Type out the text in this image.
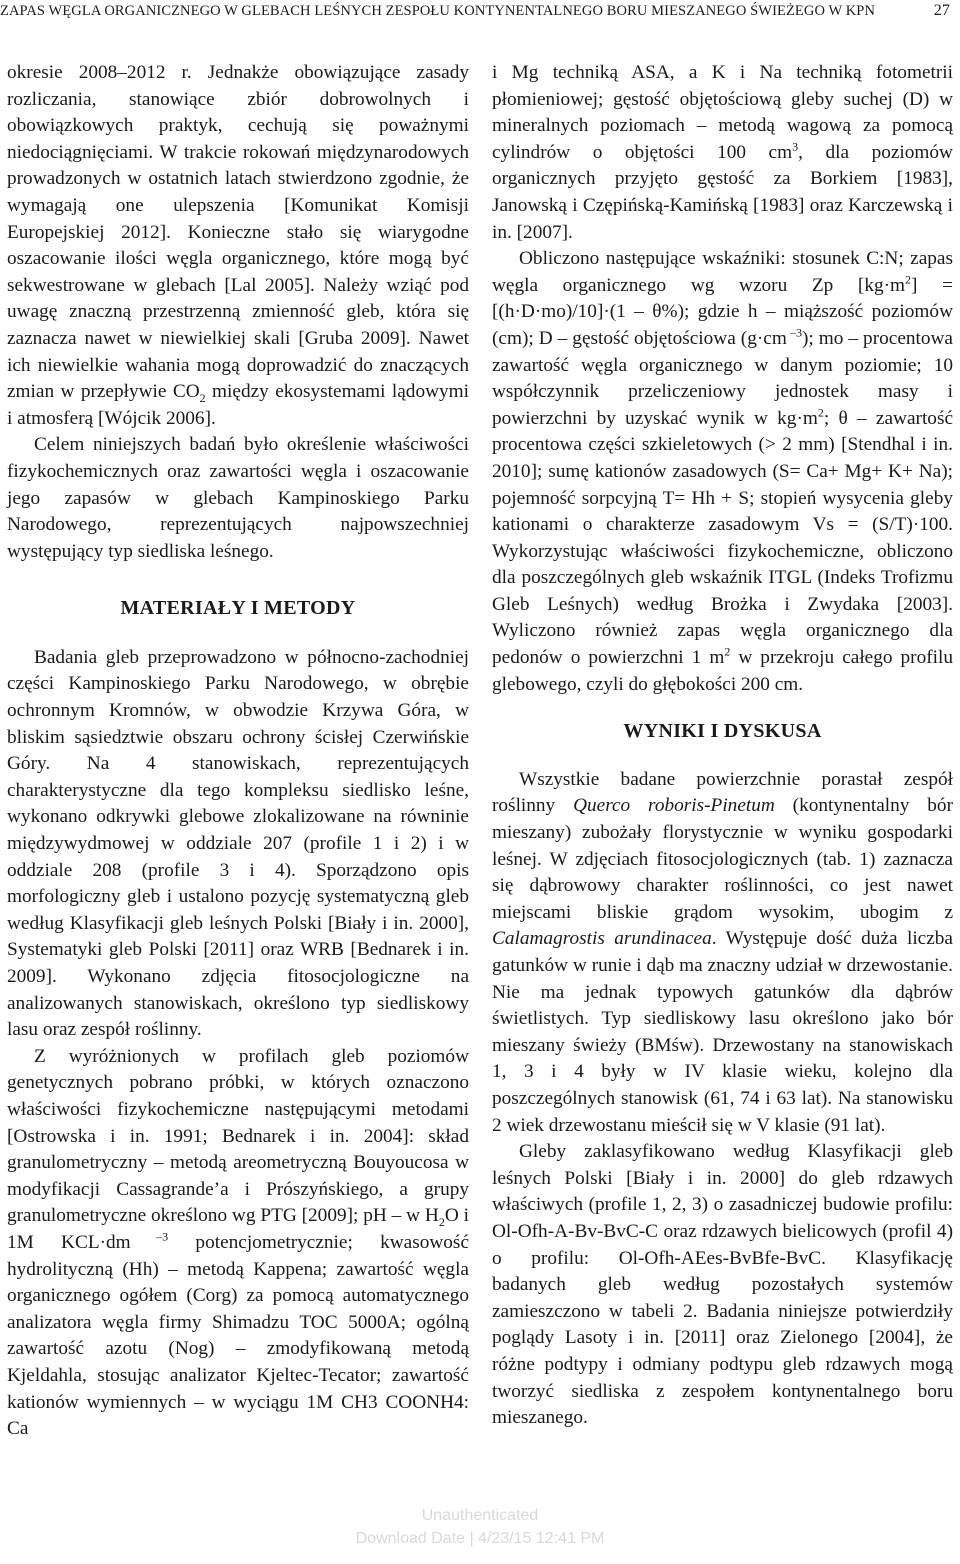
ZAPAS WĘGLA ORGANICZNEGO W GLEBACH LEŚNYCH ZESPOŁU KONTYNENTALNEGO BORU MIESZANEGO ŚWIEŻEGO W KPN	27

okresie 2008–2012 r. Jednakże obowiązujące zasady rozliczania, stanowiące zbiór dobrowolnych i obowiązkowych praktyk, cechują się poważnymi niedociągnięciami. W trakcie rokowań międzynarodowych prowadzonych w ostatnich latach stwierdzono zgodnie, że wymagają one ulepszenia [Komunikat Komisji Europejskiej 2012]. Konieczne stało się wiarygodne oszacowanie ilości węgla organicznego, które mogą być sekwestrowane w glebach [Lal 2005]. Należy wziąć pod uwagę znaczną przestrzenną zmienność gleb, która się zaznacza nawet w niewielkiej skali [Gruba 2009]. Nawet ich niewielkie wahania mogą doprowadzić do znaczących zmian w przepływie $CO_2$ między ekosystemami lądowymi i atmosferą [Wójcik 2006].

Celem niniejszych badań było określenie właściwości fizykochemicznych oraz zawartości węgla i oszacowanie jego zapasów w glebach Kampinoskiego Parku Narodowego, reprezentujących najpowszechniej występujący typ siedliska leśnego.

MATERIAŁY I METODY

Badania gleb przeprowadzono w północno-zachodniej części Kampinoskiego Parku Narodowego, w obrębie ochronnym Kromnów, w obwodzie Krzywa Góra, w bliskim sąsiedztwie obszaru ochrony ścisłej Czerwińskie Góry. Na 4 stanowiskach, reprezentujących charakterystyczne dla tego kompleksu siedlisko leśne, wykonano odkrywki glebowe zlokalizowane na równinie międzywydmowej w oddziale 207 (profile 1 i 2) i w oddziale 208 (profile 3 i 4). Sporządzono opis morfologiczny gleb i ustalono pozycję systematyczną gleb według Klasyfikacji gleb leśnych Polski [Biały i in. 2000], Systematyki gleb Polski [2011] oraz WRB [Bednarek i in. 2009]. Wykonano zdjęcia fitosocjologiczne na analizowanych stanowiskach, określono typ siedliskowy lasu oraz zespół roślinny.

Z wyróżnionych w profilach gleb poziomów genetycznych pobrano próbki, w których oznaczono właściwości fizykochemiczne następującymi metodami [Ostrowska i in. 1991; Bednarek i in. 2004]: skład granulometryczny – metodą areometryczną Bouyoucosa w modyfikacji Cassagrande’a i Prószyńskiego, a grupy granulometryczne określono wg PTG [2009]; pH – w $H_2O$ i 1M KCL·dm $^{-3}$ potencjometrycznie; kwasowość hydrolityczną (Hh) – metodą Kappena; zawartość węgla organicznego ogółem (Corg) za pomocą automatycznego analizatora węgla firmy Shimadzu TOC 5000A; ogólną zawartość azotu (Nog) – zmodyfikowaną metodą Kjeldahla, stosując analizator Kjeltec-Tecator; zawartość kationów wymiennych – w wyciągu 1M CH3 COONH4: Ca

i Mg techniką ASA, a K i Na techniką fotometrii płomieniowej; gęstość objętościową gleby suchej (D) w mineralnych poziomach – metodą wagową za pomocą cylindrów o objętości 100 $cm^3$, dla poziomów organicznych przyjęto gęstość za Borkiem [1983], Janowską i Czępińską-Kamińską [1983] oraz Karczewską i in. [2007].

Obliczono następujące wskaźniki: stosunek C:N; zapas węgla organicznego wg wzoru Zp $[kg\cdot m^2] = [(h\cdot D\cdot mo)/10]\cdot(1 - \theta\%)$; gdzie h – miąższość poziomów (cm); D – gęstość objętościowa (g·cm $^{-3}$); mo – procentowa zawartość węgla organicznego w danym poziomie; 10 współczynnik przeliczeniowy jednostek masy i powierzchni by uzyskać wynik w $kg\cdot m^2$; θ – zawartość procentowa części szkieletowych (> 2 mm) [Stendhal i in. 2010]; sumę kationów zasadowych (S= Ca+ Mg+ K+ Na); pojemność sorpcyjną T= Hh + S; stopień wysycenia gleby kationami o charakterze zasadowym Vs = (S/T)·100. Wykorzystując właściwości fizykochemiczne, obliczono dla poszczególnych gleb wskaźnik ITGL (Indeks Trofizmu Gleb Leśnych) według Brożka i Zwydaka [2003]. Wyliczono również zapas węgla organicznego dla pedonów o powierzchni 1 $m^2$ w przekroju całego profilu glebowego, czyli do głębokości 200 cm.

WYNIKI I DYSKUSA

Wszystkie badane powierzchnie porastał zespół roślinny Querco roboris-Pinetum (kontynentalny bór mieszany) zubożały florystycznie w wyniku gospodarki leśnej. W zdjęciach fitosocjologicznych (tab. 1) zaznacza się dąbrowowy charakter roślinności, co jest nawet miejscami bliskie grądom wysokim, ubogim z Calamagrostis arundinacea. Występuje dość duża liczba gatunków w runie i dąb ma znaczny udział w drzewostanie. Nie ma jednak typowych gatunków dla dąbrów świetlistych. Typ siedliskowy lasu określono jako bór mieszany świeży (BMśw). Drzewostany na stanowiskach 1, 3 i 4 były w IV klasie wieku, kolejno dla poszczególnych stanowisk (61, 74 i 63 lat). Na stanowisku 2 wiek drzewostanu mieścił się w V klasie (91 lat).

Gleby zaklasyfikowano według Klasyfikacji gleb leśnych Polski [Biały i in. 2000] do gleb rdzawych właściwych (profile 1, 2, 3) o zasadniczej budowie profilu: Ol-Ofh-A-Bv-BvC-C oraz rdzawych bielicowych (profil 4) o profilu: Ol-Ofh-AEes-BvBfe-BvC. Klasyfikację badanych gleb według pozostałych systemów zamieszczono w tabeli 2. Badania niniejsze potwierdziły poglądy Lasoty i in. [2011] oraz Zielonego [2004], że różne podtypy i odmiany podtypu gleb rdzawych mogą tworzyć siedliska z zespołem kontynentalnego boru mieszanego.

Unauthenticated
Download Date | 4/23/15 12:41 PM
